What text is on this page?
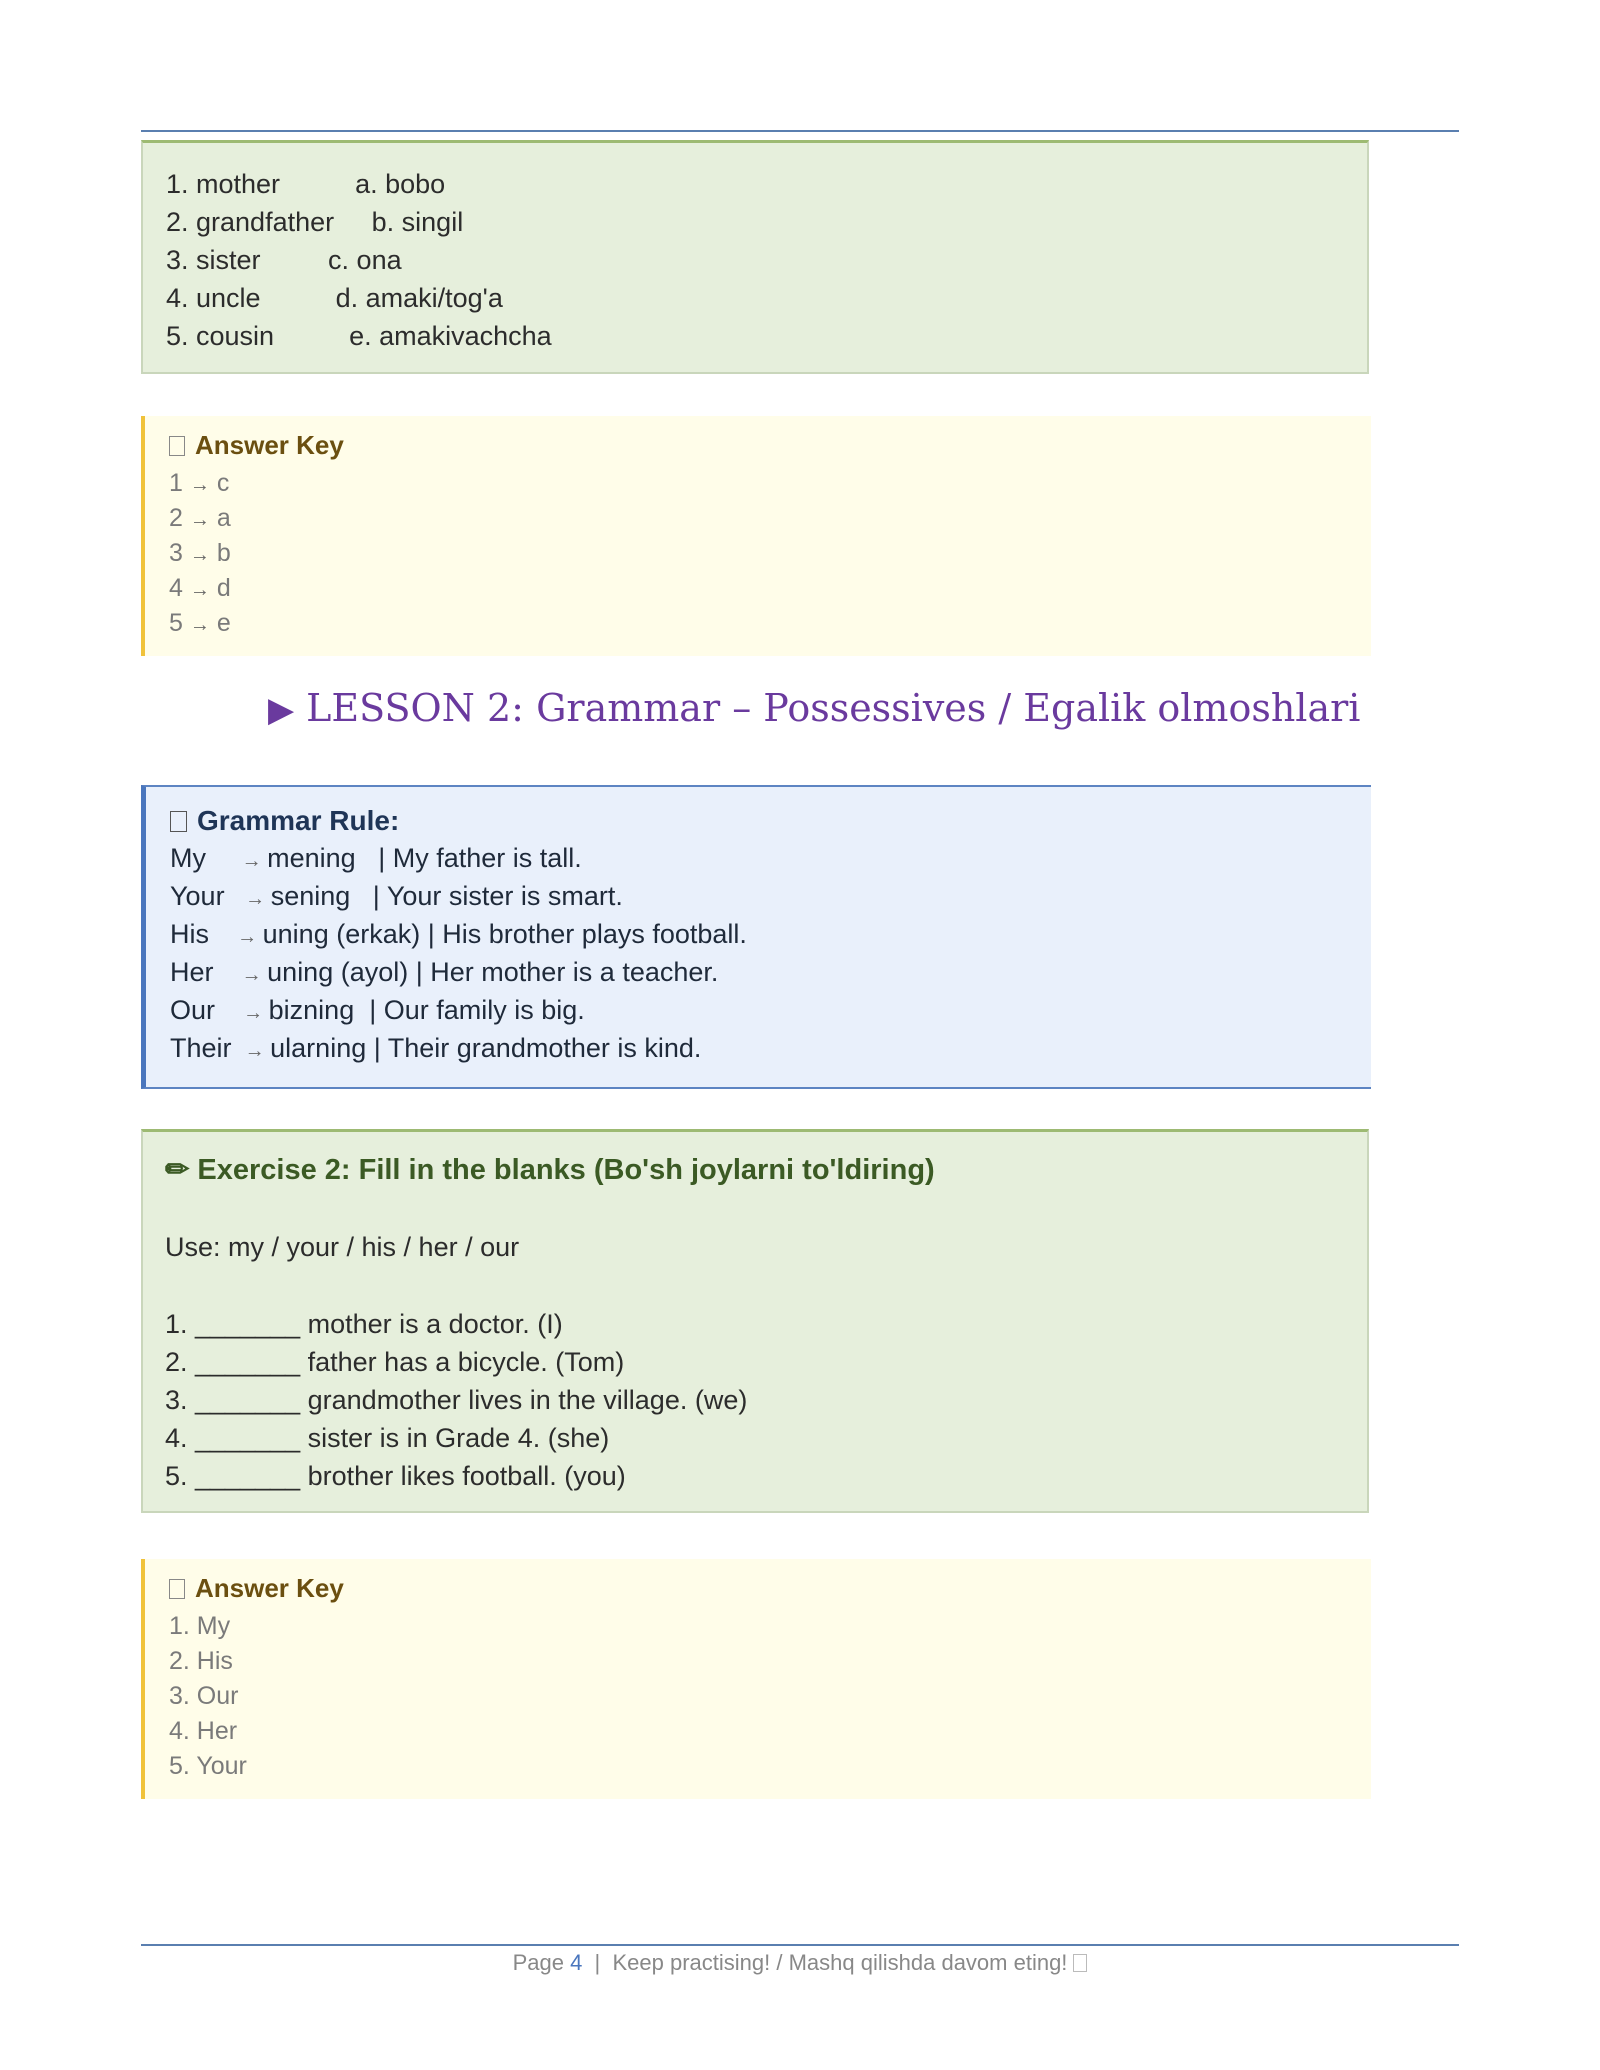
1. mother	a. bobo
2. grandfather b. singil
3. sister	c. ona
4. uncle	d. amaki/tog'a
5. cousin	e. amakivachcha
Answer Key
1 → c
2 → a
3 → b
4 → d
5 → e
▶ LESSON 2: Grammar – Possessives / Egalik olmoshlari
Grammar Rule:
My     → mening   | My father is tall.
Your   → sening   | Your sister is smart.
His    → uning (erkak) | His brother plays football.
Her    → uning (ayol) | Her mother is a teacher.
Our    → bizning  | Our family is big.
Their  → ularning | Their grandmother is kind.
✏ Exercise 2: Fill in the blanks (Bo'sh joylarni to'ldiring)
Use: my / your / his / her / our
1. _______ mother is a doctor. (I)
2. _______ father has a bicycle. (Tom)
3. _______ grandmother lives in the village. (we)
4. _______ sister is in Grade 4. (she)
5. _______ brother likes football. (you)
Answer Key
1. My
2. His
3. Our
4. Her
5. Your
Page 4  |  Keep practising! / Mashq qilishda davom eting!
